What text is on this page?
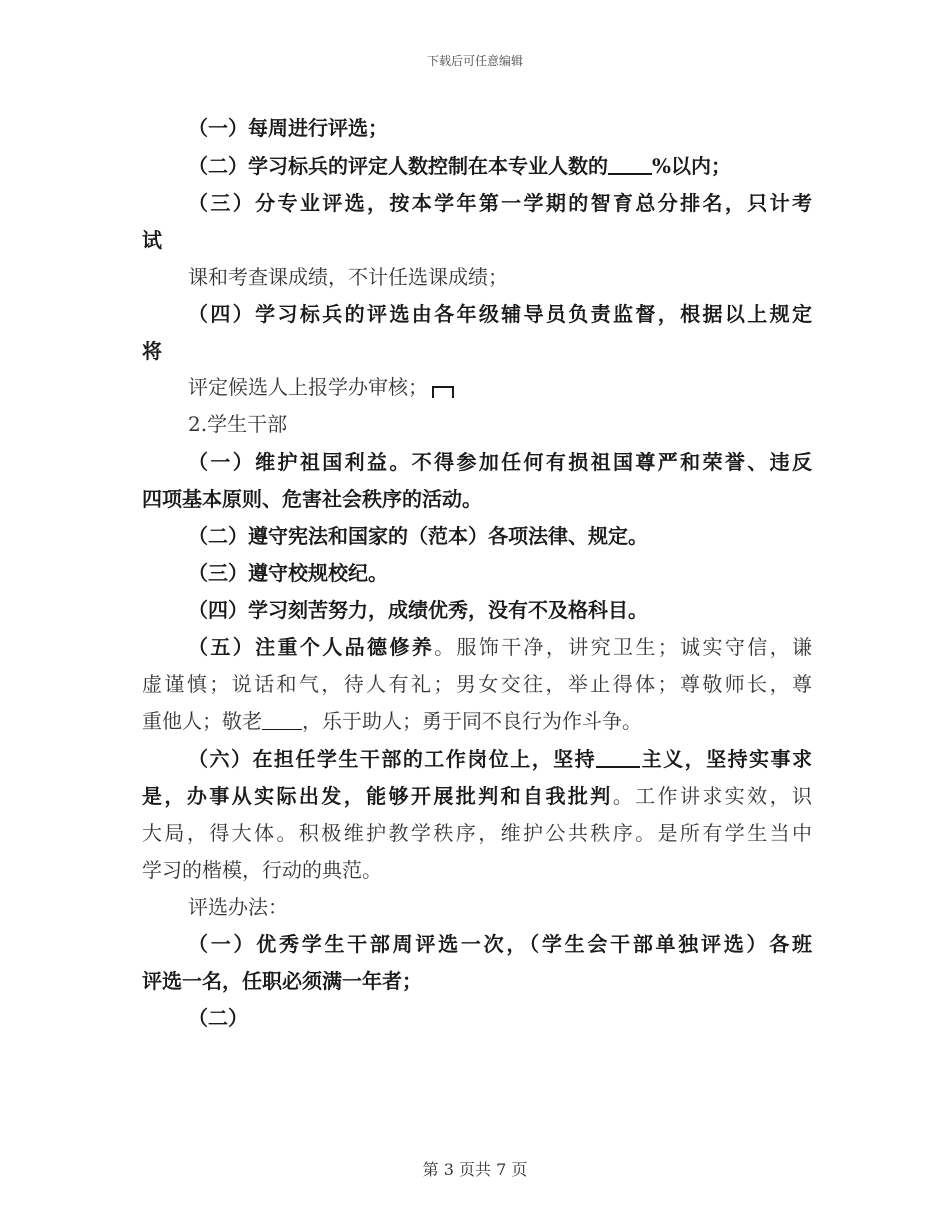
下载后可任意编辑
（一）每周进行评选；
（二）学习标兵的评定人数控制在本专业人数的 %以内；
（三）分专业评选，按本学年第一学期的智育总分排名，只计考
试
课和考查课成绩，不计任选课成绩；
（四）学习标兵的评选由各年级辅导员负责监督，根据以上规定
将
评定候选人上报学办审核；
2.学生干部
（一）维护祖国利益。不得参加任何有损祖国尊严和荣誉、违反
四项基本原则、危害社会秩序的活动。
（二）遵守宪法和国家的（范本）各项法律、规定。
（三）遵守校规校纪。
（四）学习刻苦努力，成绩优秀，没有不及格科目。
（五）注重个人品德修养。服饰干净，讲究卫生；诚实守信，谦
虚谨慎；说话和气，待人有礼；男女交往，举止得体；尊敬师长，尊
重他人；敬老 ，乐于助人；勇于同不良行为作斗争。
（六）在担任学生干部的工作岗位上，坚持 主义，坚持实事求
是，办事从实际出发，能够开展批判和自我批判。工作讲求实效，识
大局，得大体。积极维护教学秩序，维护公共秩序。是所有学生当中
学习的楷模，行动的典范。
评选办法：
（一）优秀学生干部周评选一次，（学生会干部单独评选）各班
评选一名，任职必须满一年者；
（二）
第 3 页共 7 页
